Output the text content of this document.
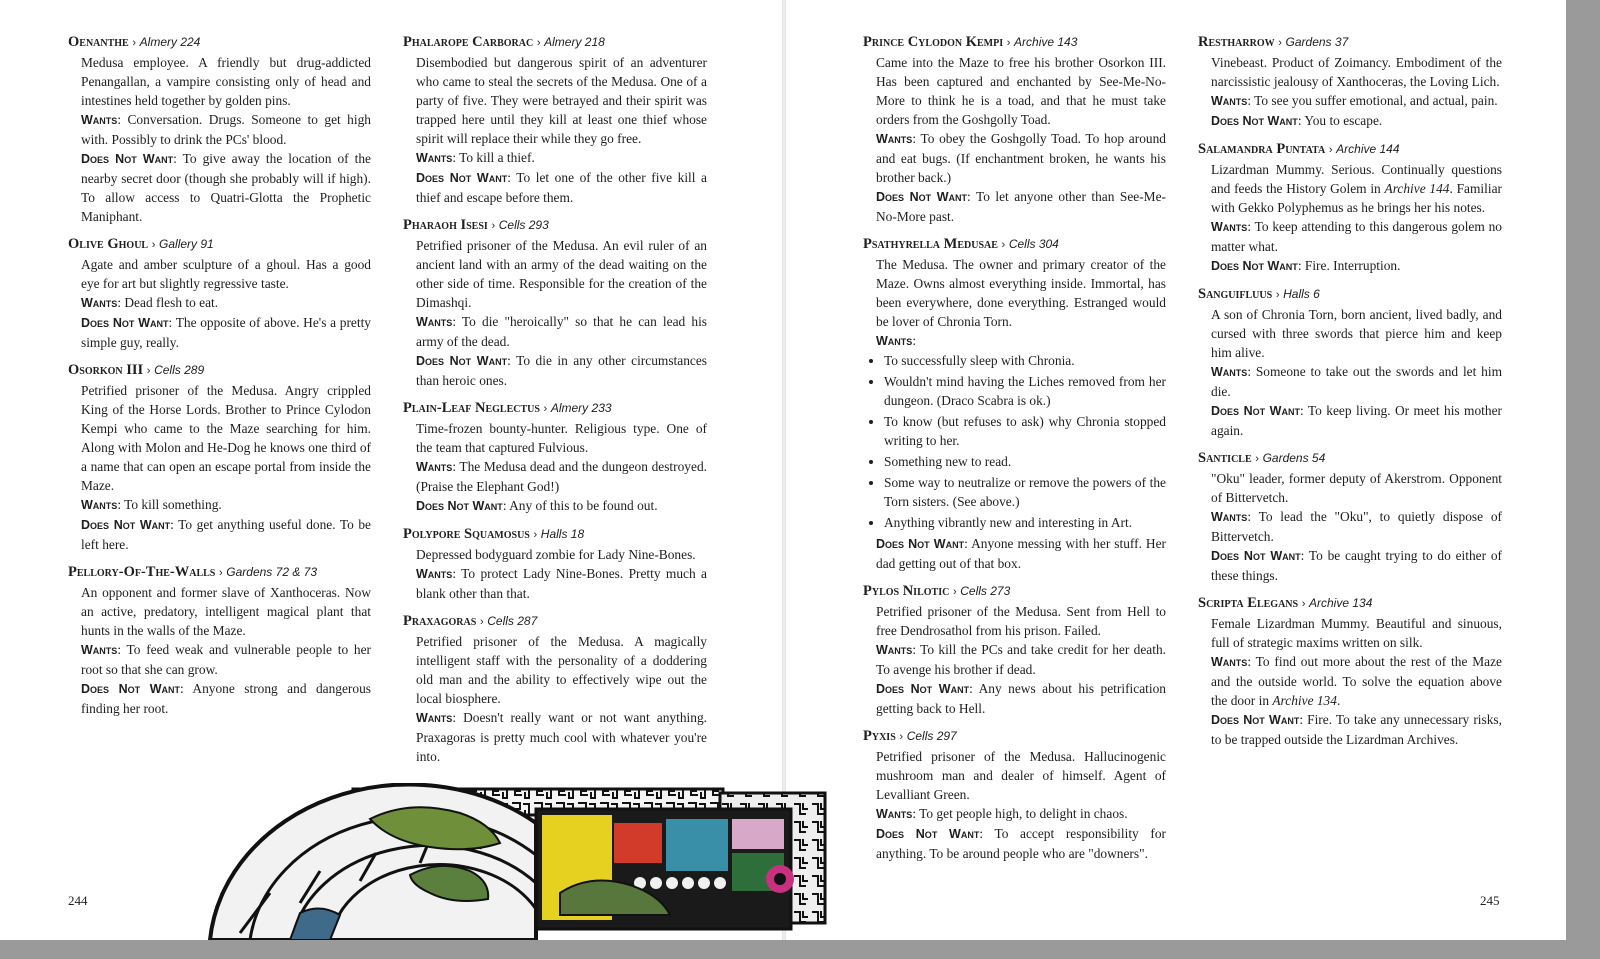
Oenanthe › Almery 224

Medusa employee. A friendly but drug-addicted Penangallan, a vampire consisting only of head and intestines held together by golden pins.

Wants: Conversation. Drugs. Someone to get high with. Possibly to drink the PCs' blood.

Does Not Want: To give away the location of the nearby secret door (though she probably will if high). To allow access to Quatri-Glotta the Prophetic Maniphant.

Olive Ghoul › Gallery 91

Agate and amber sculpture of a ghoul. Has a good eye for art but slightly regressive taste.

Wants: Dead flesh to eat.

Does Not Want: The opposite of above. He's a pretty simple guy, really.

Osorkon III › Cells 289

Petrified prisoner of the Medusa. Angry crippled King of the Horse Lords. Brother to Prince Cylodon Kempi who came to the Maze searching for him. Along with Molon and He-Dog he knows one third of a name that can open an escape portal from inside the Maze.

Wants: To kill something.

Does Not Want: To get anything useful done. To be left here.

Pellory-Of-The-Walls › Gardens 72 & 73

An opponent and former slave of Xanthoceras. Now an active, predatory, intelligent magical plant that hunts in the walls of the Maze.

Wants: To feed weak and vulnerable people to her root so that she can grow.

Does Not Want: Anyone strong and dangerous finding her root.

Phalarope Carborac › Almery 218

Disembodied but dangerous spirit of an adventurer who came to steal the secrets of the Medusa. One of a party of five. They were betrayed and their spirit was trapped here until they kill at least one thief whose spirit will replace their while they go free.

Wants: To kill a thief.

Does Not Want: To let one of the other five kill a thief and escape before them.

Pharaoh Isesi › Cells 293

Petrified prisoner of the Medusa. An evil ruler of an ancient land with an army of the dead waiting on the other side of time. Responsible for the creation of the Dimashqi.

Wants: To die "heroically" so that he can lead his army of the dead.

Does Not Want: To die in any other circumstances than heroic ones.

Plain-Leaf Neglectus › Almery 233

Time-frozen bounty-hunter. Religious type. One of the team that captured Fulvious.

Wants: The Medusa dead and the dungeon destroyed. (Praise the Elephant God!)

Does Not Want: Any of this to be found out.

Polypore Squamosus › Halls 18

Depressed bodyguard zombie for Lady Nine-Bones.

Wants: To protect Lady Nine-Bones. Pretty much a blank other than that.

Praxagoras › Cells 287

Petrified prisoner of the Medusa. A magically intelligent staff with the personality of a doddering old man and the ability to effectively wipe out the local biosphere.

Wants: Doesn't really want or not want anything. Praxagoras is pretty much cool with whatever you're into.

Prince Cylodon Kempi › Archive 143

Came into the Maze to free his brother Osorkon III. Has been captured and enchanted by See-Me-No-More to think he is a toad, and that he must take orders from the Goshgolly Toad.

Wants: To obey the Goshgolly Toad. To hop around and eat bugs. (If enchantment broken, he wants his brother back.)

Does Not Want: To let anyone other than See-Me-No-More past.

Psathyrella Medusae › Cells 304

The Medusa. The owner and primary creator of the Maze. Owns almost everything inside. Immortal, has been everywhere, done everything. Estranged would be lover of Chronia Torn.

Wants:

• To successfully sleep with Chronia.
• Wouldn't mind having the Liches removed from her dungeon. (Draco Scabra is ok.)
• To know (but refuses to ask) why Chronia stopped writing to her.
• Something new to read.
• Some way to neutralize or remove the powers of the Torn sisters. (See above.)
• Anything vibrantly new and interesting in Art.

Does Not Want: Anyone messing with her stuff. Her dad getting out of that box.

Pylos Nilotic › Cells 273

Petrified prisoner of the Medusa. Sent from Hell to free Dendrosathol from his prison. Failed.

Wants: To kill the PCs and take credit for her death. To avenge his brother if dead.

Does Not Want: Any news about his petrification getting back to Hell.

Pyxis › Cells 297

Petrified prisoner of the Medusa. Hallucinogenic mushroom man and dealer of himself. Agent of Levalliant Green.

Wants: To get people high, to delight in chaos.

Does Not Want: To accept responsibility for anything. To be around people who are "downers".

Restharrow › Gardens 37

Vinebeast. Product of Zoimancy. Embodiment of the narcissistic jealousy of Xanthoceras, the Loving Lich.

Wants: To see you suffer emotional, and actual, pain.

Does Not Want: You to escape.

Salamandra Puntata › Archive 144

Lizardman Mummy. Serious. Continually questions and feeds the History Golem in Archive 144. Familiar with Gekko Polyphemus as he brings her his notes.

Wants: To keep attending to this dangerous golem no matter what.

Does Not Want: Fire. Interruption.

Sanguifluus › Halls 6

A son of Chronia Torn, born ancient, lived badly, and cursed with three swords that pierce him and keep him alive.

Wants: Someone to take out the swords and let him die.

Does Not Want: To keep living. Or meet his mother again.

Santicle › Gardens 54

"Oku" leader, former deputy of Akerstrom. Opponent of Bittervetch.

Wants: To lead the "Oku", to quietly dispose of Bittervetch.

Does Not Want: To be caught trying to do either of these things.

Scripta Elegans › Archive 134

Female Lizardman Mummy. Beautiful and sinuous, full of strategic maxims written on silk.

Wants: To find out more about the rest of the Maze and the outside world. To solve the equation above the door in Archive 134.

Does Not Want: Fire. To take any unnecessary risks, to be trapped outside the Lizardman Archives.

244	245
